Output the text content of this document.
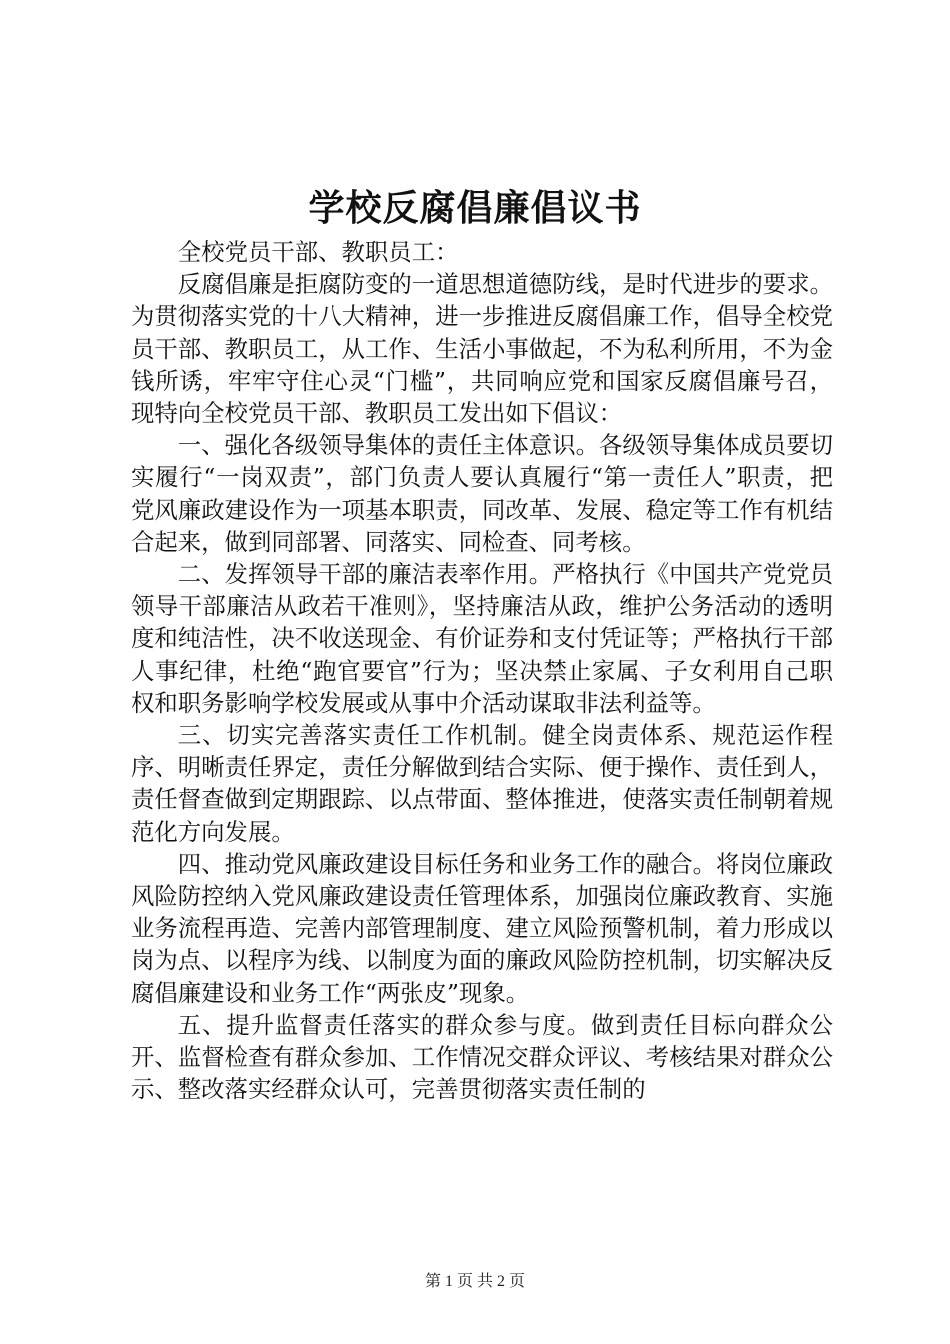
学校反腐倡廉倡议书

全校党员干部、教职员工：

反腐倡廉是拒腐防变的一道思想道德防线，是时代进步的要求。为贯彻落实党的十八大精神，进一步推进反腐倡廉工作，倡导全校党员干部、教职员工，从工作、生活小事做起，不为私利所用，不为金钱所诱，牢牢守住心灵“门槛”，共同响应党和国家反腐倡廉号召，现特向全校党员干部、教职员工发出如下倡议：

一、强化各级领导集体的责任主体意识。各级领导集体成员要切实履行“一岗双责”，部门负责人要认真履行“第一责任人”职责，把党风廉政建设作为一项基本职责，同改革、发展、稳定等工作有机结合起来，做到同部署、同落实、同检查、同考核。

二、发挥领导干部的廉洁表率作用。严格执行《中国共产党党员领导干部廉洁从政若干准则》，坚持廉洁从政，维护公务活动的透明度和纯洁性，决不收送现金、有价证券和支付凭证等；严格执行干部人事纪律，杜绝“跑官要官”行为；坚决禁止家属、子女利用自己职权和职务影响学校发展或从事中介活动谋取非法利益等。

三、切实完善落实责任工作机制。健全岗责体系、规范运作程序、明晰责任界定，责任分解做到结合实际、便于操作、责任到人，责任督查做到定期跟踪、以点带面、整体推进，使落实责任制朝着规范化方向发展。

四、推动党风廉政建设目标任务和业务工作的融合。将岗位廉政风险防控纳入党风廉政建设责任管理体系，加强岗位廉政教育、实施业务流程再造、完善内部管理制度、建立风险预警机制，着力形成以岗为点、以程序为线、以制度为面的廉政风险防控机制，切实解决反腐倡廉建设和业务工作“两张皮”现象。

五、提升监督责任落实的群众参与度。做到责任目标向群众公开、监督检查有群众参加、工作情况交群众评议、考核结果对群众公示、整改落实经群众认可，完善贯彻落实责任制的

第 1 页 共 2 页
